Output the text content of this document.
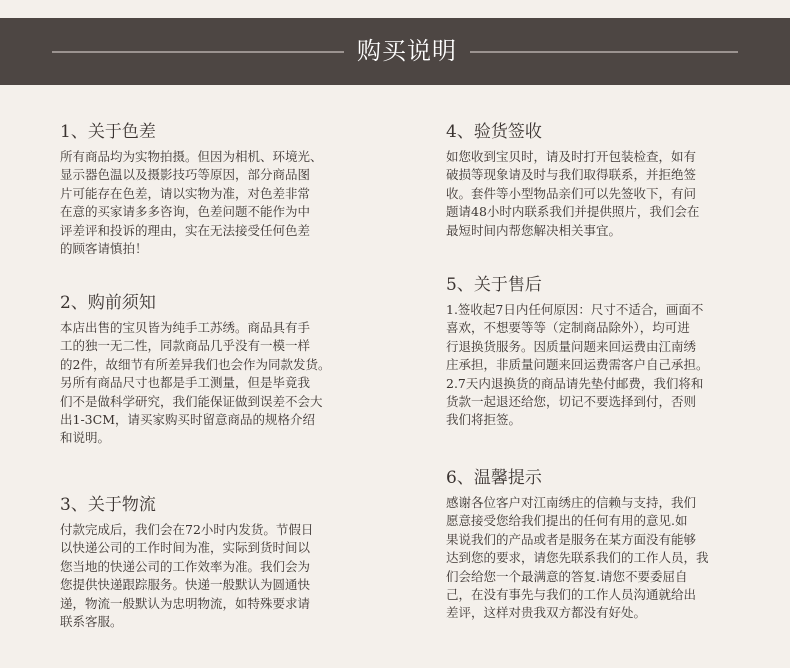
购买说明
1、关于色差
所有商品均为实物拍摄。但因为相机、环境光、
显示器色温以及摄影技巧等原因，部分商品图
片可能存在色差，请以实物为准，对色差非常
在意的买家请多多咨询，色差问题不能作为中
评差评和投诉的理由，实在无法接受任何色差
的顾客请慎拍！
2、购前须知
本店出售的宝贝皆为纯手工苏绣。商品具有手
工的独一无二性，同款商品几乎没有一模一样
的2件，故细节有所差异我们也会作为同款发货。
另所有商品尺寸也都是手工测量，但是毕竟我
们不是做科学研究，我们能保证做到误差不会大
出1-3CM，请买家购买时留意商品的规格介绍
和说明。
3、关于物流
付款完成后，我们会在72小时内发货。节假日
以快递公司的工作时间为准，实际到货时间以
您当地的快递公司的工作效率为准。我们会为
您提供快递跟踪服务。快递一般默认为圆通快
递，物流一般默认为忠明物流，如特殊要求请
联系客服。
4、验货签收
如您收到宝贝时，请及时打开包装检查，如有
破损等现象请及时与我们取得联系，并拒绝签
收。套件等小型物品亲们可以先签收下，有问
题请48小时内联系我们并提供照片，我们会在
最短时间内帮您解决相关事宜。
5、关于售后
1.签收起7日内任何原因：尺寸不适合，画面不
喜欢，不想要等等（定制商品除外），均可进
行退换货服务。因质量问题来回运费由江南绣
庄承担，非质量问题来回运费需客户自己承担。
2.7天内退换货的商品请先垫付邮费，我们将和
货款一起退还给您，切记不要选择到付，否则
我们将拒签。
6、温馨提示
感谢各位客户对江南绣庄的信赖与支持，我们
愿意接受您给我们提出的任何有用的意见.如
果说我们的产品或者是服务在某方面没有能够
达到您的要求，请您先联系我们的工作人员，我
们会给您一个最满意的答复.请您不要委屈自
己，在没有事先与我们的工作人员沟通就给出
差评，这样对贵我双方都没有好处。
